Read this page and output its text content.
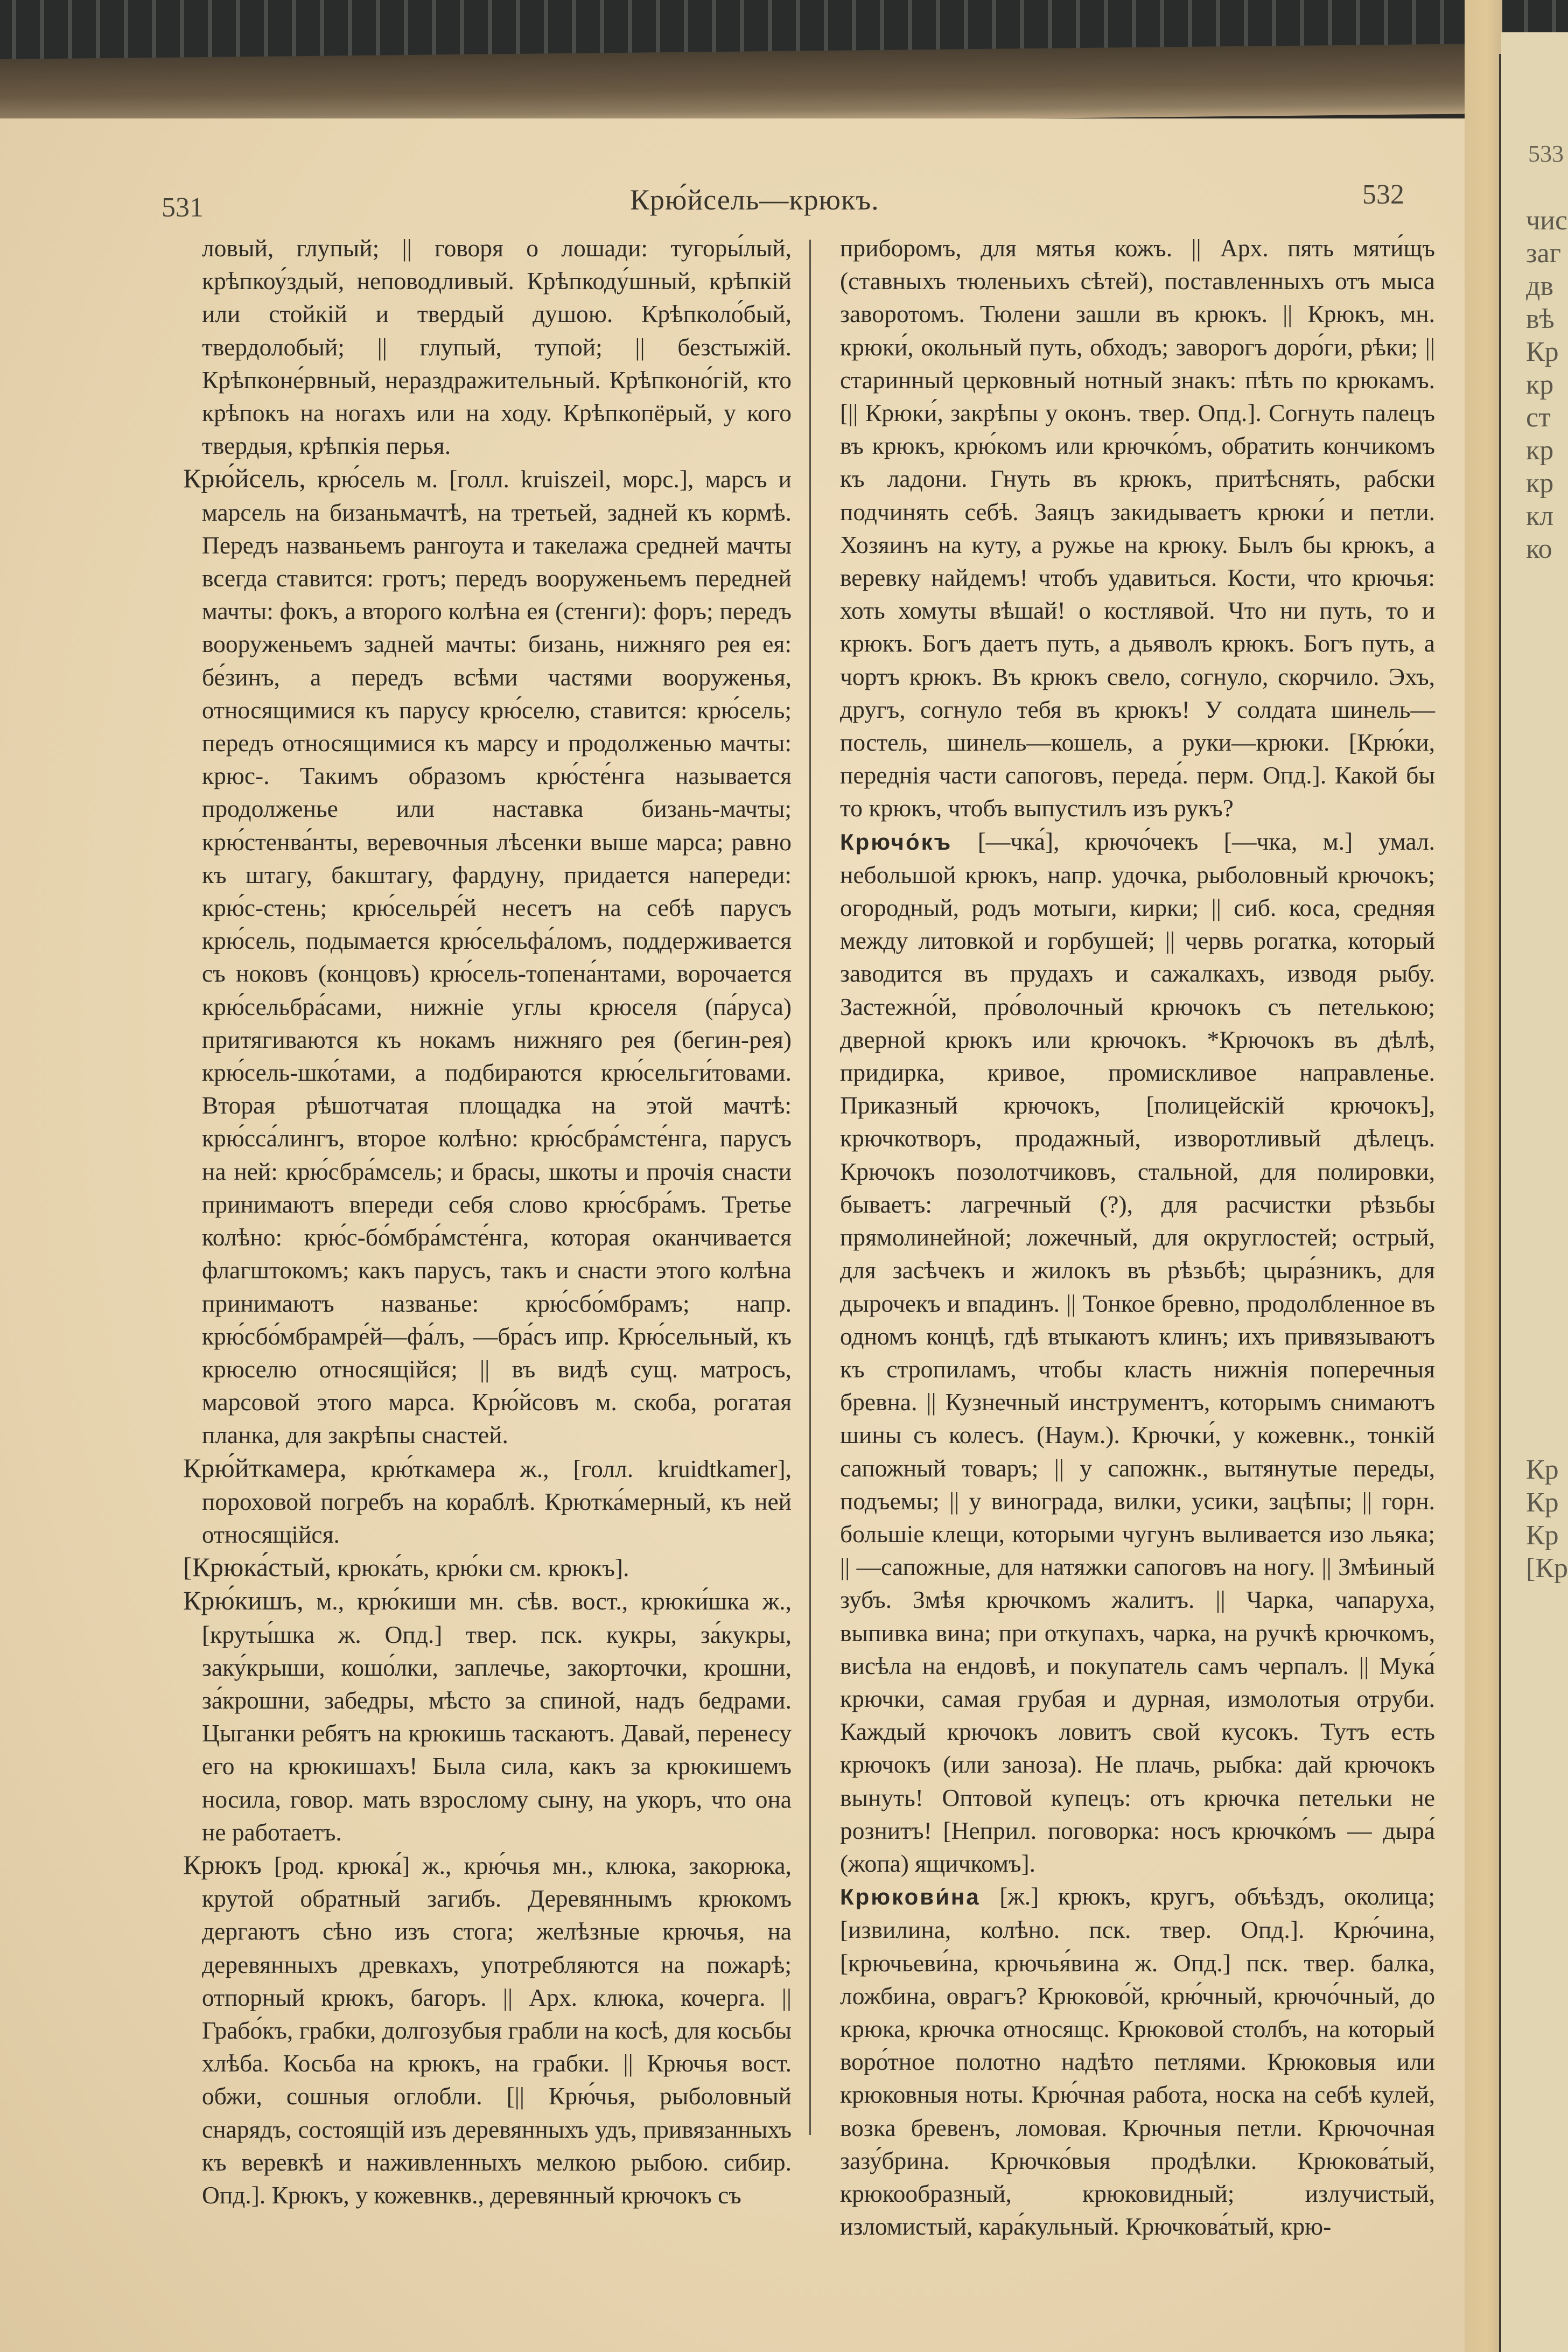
533
чис
заг
дв
вѣ
Кр
кр
ст
кр
кр
кл
ко
Кр
Кр
Кр
[Кр
531	Крю́йсель—крюкъ.	532

ловый, глупый; || говоря о лошади: тугоры́лый, крѣпкоу́здый, неповодливый. Крѣпкоду́шный, крѣпкій или стойкій и твердый душою. Крѣпколо́бый, твердолобый; || глупый, тупой; || безстыжій. Крѣпконе́рвный, нераздражительный. Крѣпконо́гій, кто крѣпокъ на ногахъ или на ходу. Крѣпкопёрый, у кого твердыя, крѣпкія перья.

Крю́йсель, крю́сель м. [голл. kruiszeil, морс.], марсъ и марсель на бизаньмачтѣ, на третьей, задней къ кормѣ. Передъ названьемъ рангоута и такелажа средней мачты всегда ставится: гротъ; передъ вооруженьемъ передней мачты: фокъ, а второго колѣна ея (стенги): форъ; передъ вооруженьемъ задней мачты: бизань, нижняго рея ея: бе́зинъ, а передъ всѣми частями вооруженья, относящимися къ парусу крю́селю, ставится: крю́сель; передъ относящимися къ марсу и продолженью мачты: крюс-. Такимъ образомъ крю́сте́нга называется продолженье или наставка бизань-мачты; крю́стенва́нты, веревочныя лѣсенки выше марса; равно къ штагу, бакштагу, фардуну, придается напереди: крю́с-стень; крю́сельре́й несетъ на себѣ парусъ крю́сель, подымается крю́сельфа́ломъ, поддерживается съ ноковъ (концовъ) крю́сель-топена́нтами, ворочается крю́сельбра́сами, нижніе углы крюселя (па́руса) притягиваются къ нокамъ нижняго рея (бегин-рея) крю́сель-шко́тами, а подбираются крю́сельги́товами. Вторая рѣшотчатая площадка на этой мачтѣ: крю́сса́лингъ, второе колѣно: крю́сбра́мсте́нга, парусъ на ней: крю́сбра́мсель; и брасы, шкоты и прочія снасти принимаютъ впереди себя слово крю́сбра́мъ. Третье колѣно: крю́с-бо́мбра́мсте́нга, которая оканчивается флагштокомъ; какъ парусъ, такъ и снасти этого колѣна принимаютъ названье: крю́сбо́мбрамъ; напр. крю́сбо́мбрамре́й—фа́лъ, —бра́съ ипр. Крю́сельный, къ крюселю относящійся; || въ видѣ сущ. матросъ, марсовой этого марса. Крю́йсовъ м. скоба, рогатая планка, для закрѣпы снастей.

Крю́йткамера, крю́ткамера ж., [голл. kruidtkamer], пороховой погребъ на кораблѣ. Крютка́мерный, къ ней относящійся.

[Крюка́стый, крюка́ть, крю́ки см. крюкъ].

Крю́кишъ, м., крю́киши мн. сѣв. вост., крюки́шка ж., [круты́шка ж. Опд.] твер. пск. кукры, за́кукры, заку́крыши, кошо́лки, заплечье, закорточки, крошни, за́крошни, забедры, мѣсто за спиной, надъ бедрами. Цыганки ребятъ на крюкишь таскаютъ. Давай, перенесу его на крюкишахъ! Была сила, какъ за крюкишемъ носила, говор. мать взрослому сыну, на укоръ, что она не работаетъ.

Крюкъ [род. крюка́] ж., крю́чья мн., клюка, закорюка, крутой обратный загибъ. Деревяннымъ крюкомъ дергаютъ сѣно изъ стога; желѣзные крючья, на деревянныхъ древкахъ, употребляются на пожарѣ; отпорный крюкъ, багоръ. || Арх. клюка, кочерга. || Грабо́къ, грабки, долгозубыя грабли на косѣ, для косьбы хлѣба. Косьба на крюкъ, на грабки. || Крючья вост. обжи, сошныя оглобли. [|| Крю́чья, рыболовный снарядъ, состоящій изъ деревянныхъ удъ, привязанныхъ къ веревкѣ и наживленныхъ мелкою рыбою. сибир. Опд.]. Крюкъ, у кожевнкв., деревянный крючокъ съ

приборомъ, для мятья кожъ. || Арх. пять мяти́щъ (ставныхъ тюленьихъ сѣтей), поставленныхъ отъ мыса заворотомъ. Тюлени зашли въ крюкъ. || Крюкъ, мн. крюки́, окольный путь, обходъ; заворогъ доро́ги, рѣки; || старинный церковный нотный знакъ: пѣть по крюкамъ. [|| Крюки́, закрѣпы у оконъ. твер. Опд.]. Согнуть палецъ въ крюкъ, крю́комъ или крючко́мъ, обратить кончикомъ къ ладони. Гнуть въ крюкъ, притѣснять, рабски подчинять себѣ. Заяцъ закидываетъ крюки́ и петли. Хозяинъ на куту, а ружье на крюку. Былъ бы крюкъ, а веревку найдемъ! чтобъ удавиться. Кости, что крючья: хоть хомуты вѣшай! о костлявой. Что ни путь, то и крюкъ. Богъ даетъ путь, а дьяволъ крюкъ. Богъ путь, а чортъ крюкъ. Въ крюкъ свело, согнуло, скорчило. Эхъ, другъ, согнуло тебя въ крюкъ! У солдата шинель—постель, шинель—кошель, а руки—крюки. [Крю́ки, переднія части сапоговъ, переда́. перм. Опд.]. Какой бы то крюкъ, чтобъ выпустилъ изъ рукъ?

Крючо́къ [—чка́], крючо́чекъ [—чка, м.] умал. небольшой крюкъ, напр. удочка, рыболовный крючокъ; огородный, родъ мотыги, кирки; || сиб. коса, средняя между литовкой и горбушей; || червь рогатка, который заводится въ прудахъ и сажалкахъ, изводя рыбу. Застежно́й, про́волочный крючокъ съ петелькою; дверной крюкъ или крючокъ. *Крючокъ въ дѣлѣ, придирка, кривое, промискливое направленье. Приказный крючокъ, [полицейскій крючокъ], крючкотворъ, продажный, изворотливый дѣлецъ. Крючокъ позолотчиковъ, стальной, для полировки, бываетъ: лагречный (?), для расчистки рѣзьбы прямолинейной; ложечный, для округлостей; острый, для засѣчекъ и жилокъ въ рѣзьбѣ; цыра́зникъ, для дырочекъ и впадинъ. || Тонкое бревно, продолбленное въ одномъ концѣ, гдѣ втыкаютъ клинъ; ихъ привязываютъ къ стропиламъ, чтобы класть нижнія поперечныя бревна. || Кузнечный инструментъ, которымъ снимаютъ шины съ колесъ. (Наум.). Крючки́, у кожевнк., тонкій сапожный товаръ; || у сапожнк., вытянутые переды, подъемы; || у винограда, вилки, усики, зацѣпы; || горн. большіе клещи, которыми чугунъ выливается изо льяка; || —сапожные, для натяжки сапоговъ на ногу. || Змѣиный зубъ. Змѣя крючкомъ жалитъ. || Чарка, чапаруха, выпивка вина; при откупахъ, чарка, на ручкѣ крючкомъ, висѣла на ендовѣ, и покупатель самъ черпалъ. || Мука́ крючки, самая грубая и дурная, измолотыя отруби. Каждый крючокъ ловитъ свой кусокъ. Тутъ есть крючокъ (или заноза). Не плачь, рыбка: дай крючокъ вынуть! Оптовой купецъ: отъ крючка петельки не рознитъ! [Неприл. поговорка: носъ крючко́мъ — дыра́ (жопа) ящичкомъ].

Крюкови́на [ж.] крюкъ, кругъ, объѣздъ, околица; [извилина, колѣно. пск. твер. Опд.]. Крю́чина, [крючьеви́на, крючья́вина ж. Опд.] пск. твер. балка, ложбина, оврагъ? Крюково́й, крю́чный, крючо́чный, до крюка, крючка относящс. Крюковой столбъ, на который воро́тное полотно надѣто петлями. Крюковыя или крюковныя ноты. Крю́чная работа, носка на себѣ кулей, возка бревенъ, ломовая. Крючныя петли. Крючочная зазу́брина. Крючко́выя продѣлки. Крюкова́тый, крюкообразный, крюковидный; излучистый, изломистый, кара́кульный. Крючкова́тый, крю-
